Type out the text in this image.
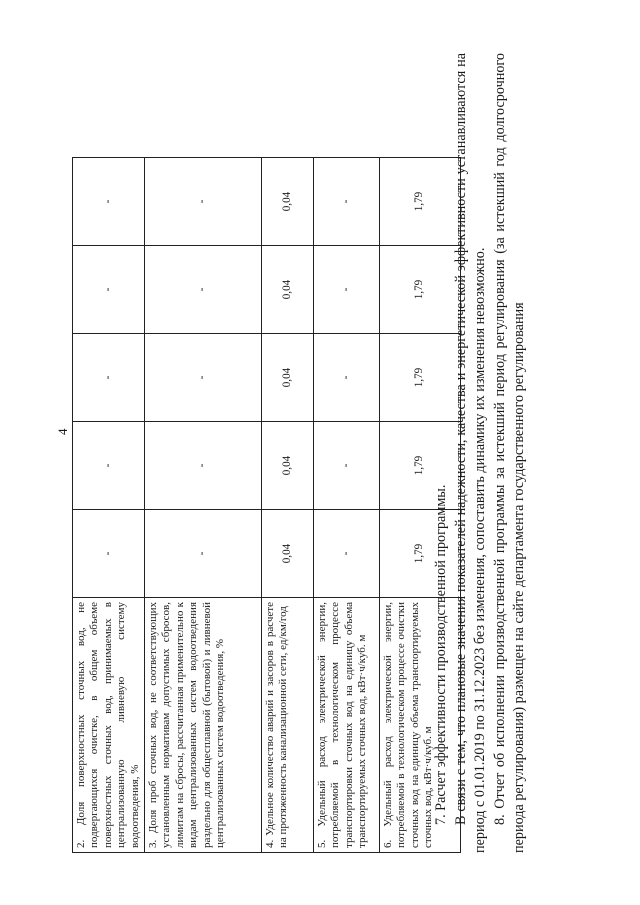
4
2. Доля поверхностных сточных вод, не подвергающихся очистке, в общем объеме поверхностных сточных вод, принимаемых в централизованную ливневую систему водоотведения, %	-	-	-	-	-
3. Доля проб сточных вод, не соответствующих установленным нормативам допустимых сбросов, лимитам на сбросы, рассчитанная применительно к видам централизованных систем водоотведения раздельно для общесплавной (бытовой) и ливневой централизованных систем водоотведения, %	-	-	-	-	-
4. Удельное количество аварий и засоров в расчете на протяженность канализационной сети, ед/км/год	0,04	0,04	0,04	0,04	0,04
5. Удельный расход электрической энергии, потребляемой в технологическом процессе транспортировки сточных вод на единицу объема транспортируемых сточных вод, кВт·ч/куб. м	-	-	-	-	-
6. Удельный расход электрической энергии, потребляемой в технологическом процессе очистки сточных вод на единицу объема транспортируемых сточных вод, кВт·ч/куб. м	1,79	1,79	1,79	1,79	1,79

7. Расчет эффективности производственной программы. В связи с тем, что плановые значения показателей надежности, качества и энергетической эффективности устанавливаются на период с 01.01.2019 по 31.12.2023 без изменения, сопоставить динамику их изменения невозможно. 8. Отчет об исполнении производственной программы за истекший период регулирования (за истекший год долгосрочного периода регулирования) размещен на сайте департамента государственного регулирования
